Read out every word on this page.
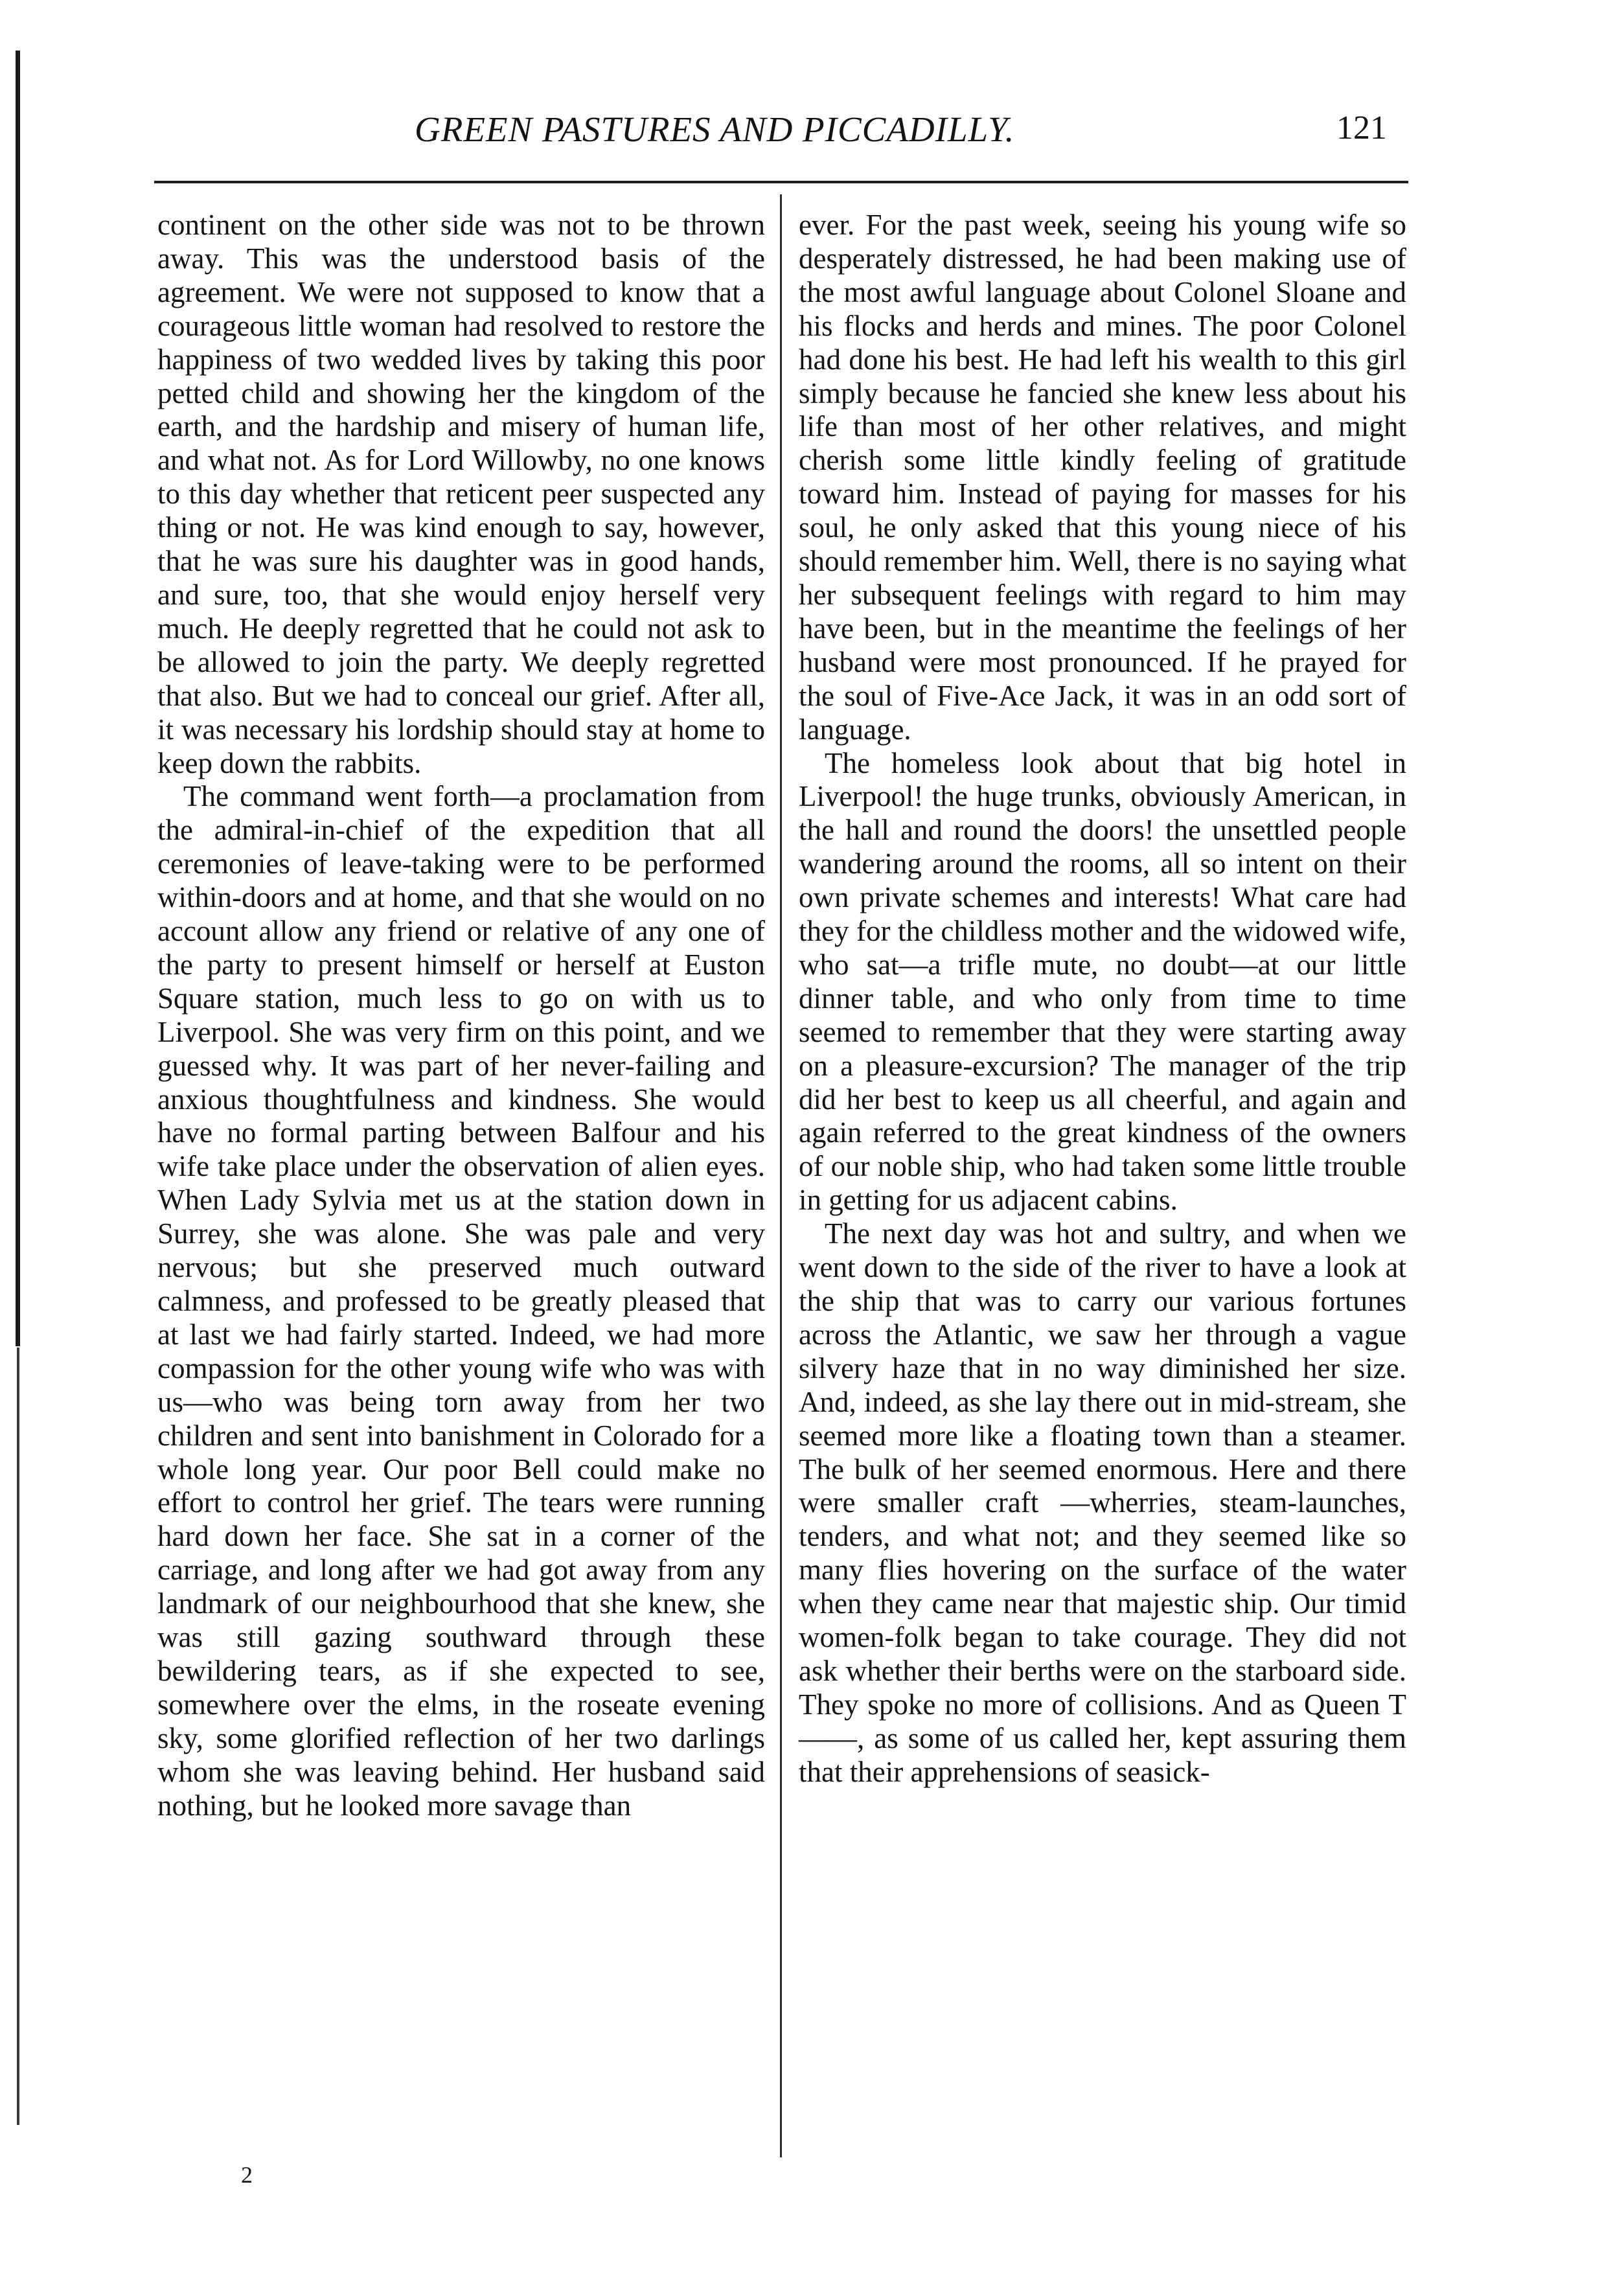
GREEN PASTURES AND PICCADILLY.	121

continent on the other side was not to be thrown away. This was the understood basis of the agreement. We were not supposed to know that a courageous little woman had resolved to restore the happiness of two wedded lives by taking this poor petted child and showing her the kingdom of the earth, and the hardship and misery of human life, and what not. As for Lord Willowby, no one knows to this day whether that reticent peer suspected any thing or not. He was kind enough to say, however, that he was sure his daughter was in good hands, and sure, too, that she would enjoy herself very much. He deeply regretted that he could not ask to be allowed to join the party. We deeply regretted that also. But we had to conceal our grief. After all, it was necessary his lordship should stay at home to keep down the rabbits.

The command went forth—a proclamation from the admiral-in-chief of the expedition that all ceremonies of leave-taking were to be performed within-doors and at home, and that she would on no account allow any friend or relative of any one of the party to present himself or herself at Euston Square station, much less to go on with us to Liverpool. She was very firm on this point, and we guessed why. It was part of her never-failing and anxious thoughtfulness and kindness. She would have no formal parting between Balfour and his wife take place under the observation of alien eyes. When Lady Sylvia met us at the station down in Surrey, she was alone. She was pale and very nervous; but she preserved much outward calmness, and professed to be greatly pleased that at last we had fairly started. Indeed, we had more compassion for the other young wife who was with us—who was being torn away from her two children and sent into banishment in Colorado for a whole long year. Our poor Bell could make no effort to control her grief. The tears were running hard down her face. She sat in a corner of the carriage, and long after we had got away from any landmark of our neighbourhood that she knew, she was still gazing southward through these bewildering tears, as if she expected to see, somewhere over the elms, in the roseate evening sky, some glorified reflection of her two darlings whom she was leaving behind. Her husband said nothing, but he looked more savage than

ever. For the past week, seeing his young wife so desperately distressed, he had been making use of the most awful language about Colonel Sloane and his flocks and herds and mines. The poor Colonel had done his best. He had left his wealth to this girl simply because he fancied she knew less about his life than most of her other relatives, and might cherish some little kindly feeling of gratitude toward him. Instead of paying for masses for his soul, he only asked that this young niece of his should remember him. Well, there is no saying what her subsequent feelings with regard to him may have been, but in the meantime the feelings of her husband were most pronounced. If he prayed for the soul of Five-Ace Jack, it was in an odd sort of language.

The homeless look about that big hotel in Liverpool! the huge trunks, obviously American, in the hall and round the doors! the unsettled people wandering around the rooms, all so intent on their own private schemes and interests! What care had they for the childless mother and the widowed wife, who sat—a trifle mute, no doubt—at our little dinner table, and who only from time to time seemed to remember that they were starting away on a pleasure-excursion? The manager of the trip did her best to keep us all cheerful, and again and again referred to the great kindness of the owners of our noble ship, who had taken some little trouble in getting for us adjacent cabins.

The next day was hot and sultry, and when we went down to the side of the river to have a look at the ship that was to carry our various fortunes across the Atlantic, we saw her through a vague silvery haze that in no way diminished her size. And, indeed, as she lay there out in mid-stream, she seemed more like a floating town than a steamer. The bulk of her seemed enormous. Here and there were smaller craft —wherries, steam-launches, tenders, and what not; and they seemed like so many flies hovering on the surface of the water when they came near that majestic ship. Our timid women-folk began to take courage. They did not ask whether their berths were on the starboard side. They spoke no more of collisions. And as Queen T——, as some of us called her, kept assuring them that their apprehensions of seasick-

2
